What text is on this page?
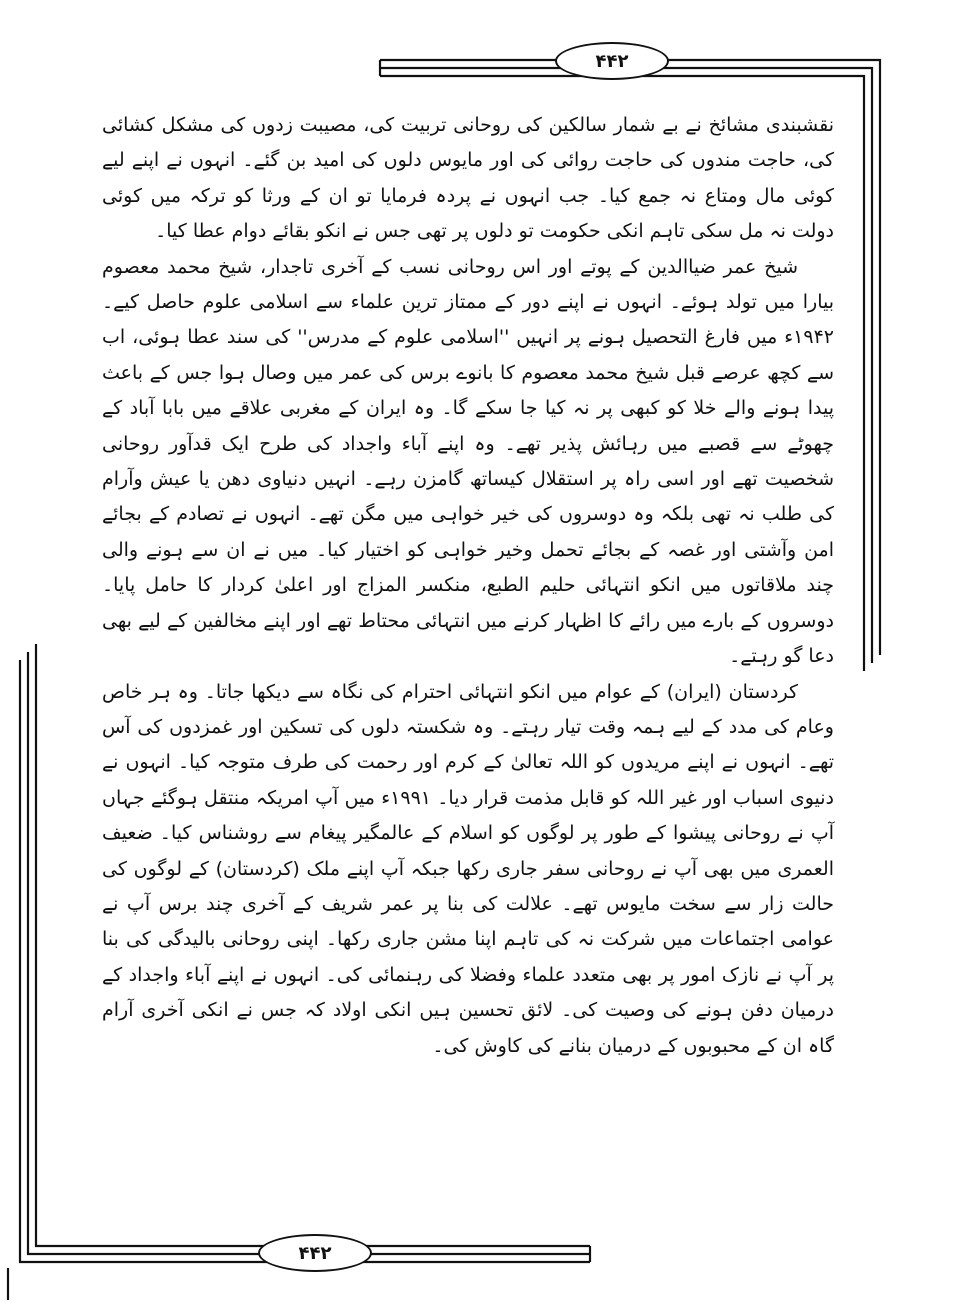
۴۴۲

نقشبندی مشائخ نے بے شمار سالکین کی روحانی تربیت کی، مصیبت زدوں کی مشکل کشائی کی، حاجت مندوں کی حاجت روائی کی اور مایوس دلوں کی امید بن گئے۔ انہوں نے اپنے لیے کوئی مال ومتاع نہ جمع کیا۔ جب انہوں نے پردہ فرمایا تو ان کے ورثا کو ترکہ میں کوئی دولت نہ مل سکی تاہم انکی حکومت تو دلوں پر تھی جس نے انکو بقائے دوام عطا کیا۔

شیخ عمر ضیاالدین کے پوتے اور اس روحانی نسب کے آخری تاجدار، شیخ محمد معصوم بیارا میں تولد ہوئے۔ انہوں نے اپنے دور کے ممتاز ترین علماء سے اسلامی علوم حاصل کیے۔ ۱۹۴۲ء میں فارغ التحصیل ہونے پر انہیں ''اسلامی علوم کے مدرس'' کی سند عطا ہوئی، اب سے کچھ عرصے قبل شیخ محمد معصوم کا بانوے برس کی عمر میں وصال ہوا جس کے باعث پیدا ہونے والے خلا کو کبھی پر نہ کیا جا سکے گا۔ وہ ایران کے مغربی علاقے میں بابا آباد کے چھوٹے سے قصبے میں رہائش پذیر تھے۔ وہ اپنے آباء واجداد کی طرح ایک قدآور روحانی شخصیت تھے اور اسی راہ پر استقلال کیساتھ گامزن رہے۔ انہیں دنیاوی دھن یا عیش وآرام کی طلب نہ تھی بلکہ وہ دوسروں کی خیر خواہی میں مگن تھے۔ انہوں نے تصادم کے بجائے امن وآشتی اور غصہ کے بجائے تحمل وخیر خواہی کو اختیار کیا۔ میں نے ان سے ہونے والی چند ملاقاتوں میں انکو انتہائی حلیم الطبع، منکسر المزاج اور اعلیٰ کردار کا حامل پایا۔ دوسروں کے بارے میں رائے کا اظہار کرنے میں انتہائی محتاط تھے اور اپنے مخالفین کے لیے بھی دعا گو رہتے۔

کردستان (ایران) کے عوام میں انکو انتہائی احترام کی نگاہ سے دیکھا جاتا۔ وہ ہر خاص وعام کی مدد کے لیے ہمہ وقت تیار رہتے۔ وہ شکستہ دلوں کی تسکین اور غمزدوں کی آس تھے۔ انہوں نے اپنے مریدوں کو اللہ تعالیٰ کے کرم اور رحمت کی طرف متوجہ کیا۔ انہوں نے دنیوی اسباب اور غیر اللہ کو قابل مذمت قرار دیا۔ ۱۹۹۱ء میں آپ امریکہ منتقل ہوگئے جہاں آپ نے روحانی پیشوا کے طور پر لوگوں کو اسلام کے عالمگیر پیغام سے روشناس کیا۔ ضعیف العمری میں بھی آپ نے روحانی سفر جاری رکھا جبکہ آپ اپنے ملک (کردستان) کے لوگوں کی حالت زار سے سخت مایوس تھے۔ علالت کی بنا پر عمر شریف کے آخری چند برس آپ نے عوامی اجتماعات میں شرکت نہ کی تاہم اپنا مشن جاری رکھا۔ اپنی روحانی بالیدگی کی بنا پر آپ نے نازک امور پر بھی متعدد علماء وفضلا کی رہنمائی کی۔ انہوں نے اپنے آباء واجداد کے درمیان دفن ہونے کی وصیت کی۔ لائق تحسین ہیں انکی اولاد کہ جس نے انکی آخری آرام گاہ ان کے محبوبوں کے درمیان بنانے کی کاوش کی۔

۴۴۲
